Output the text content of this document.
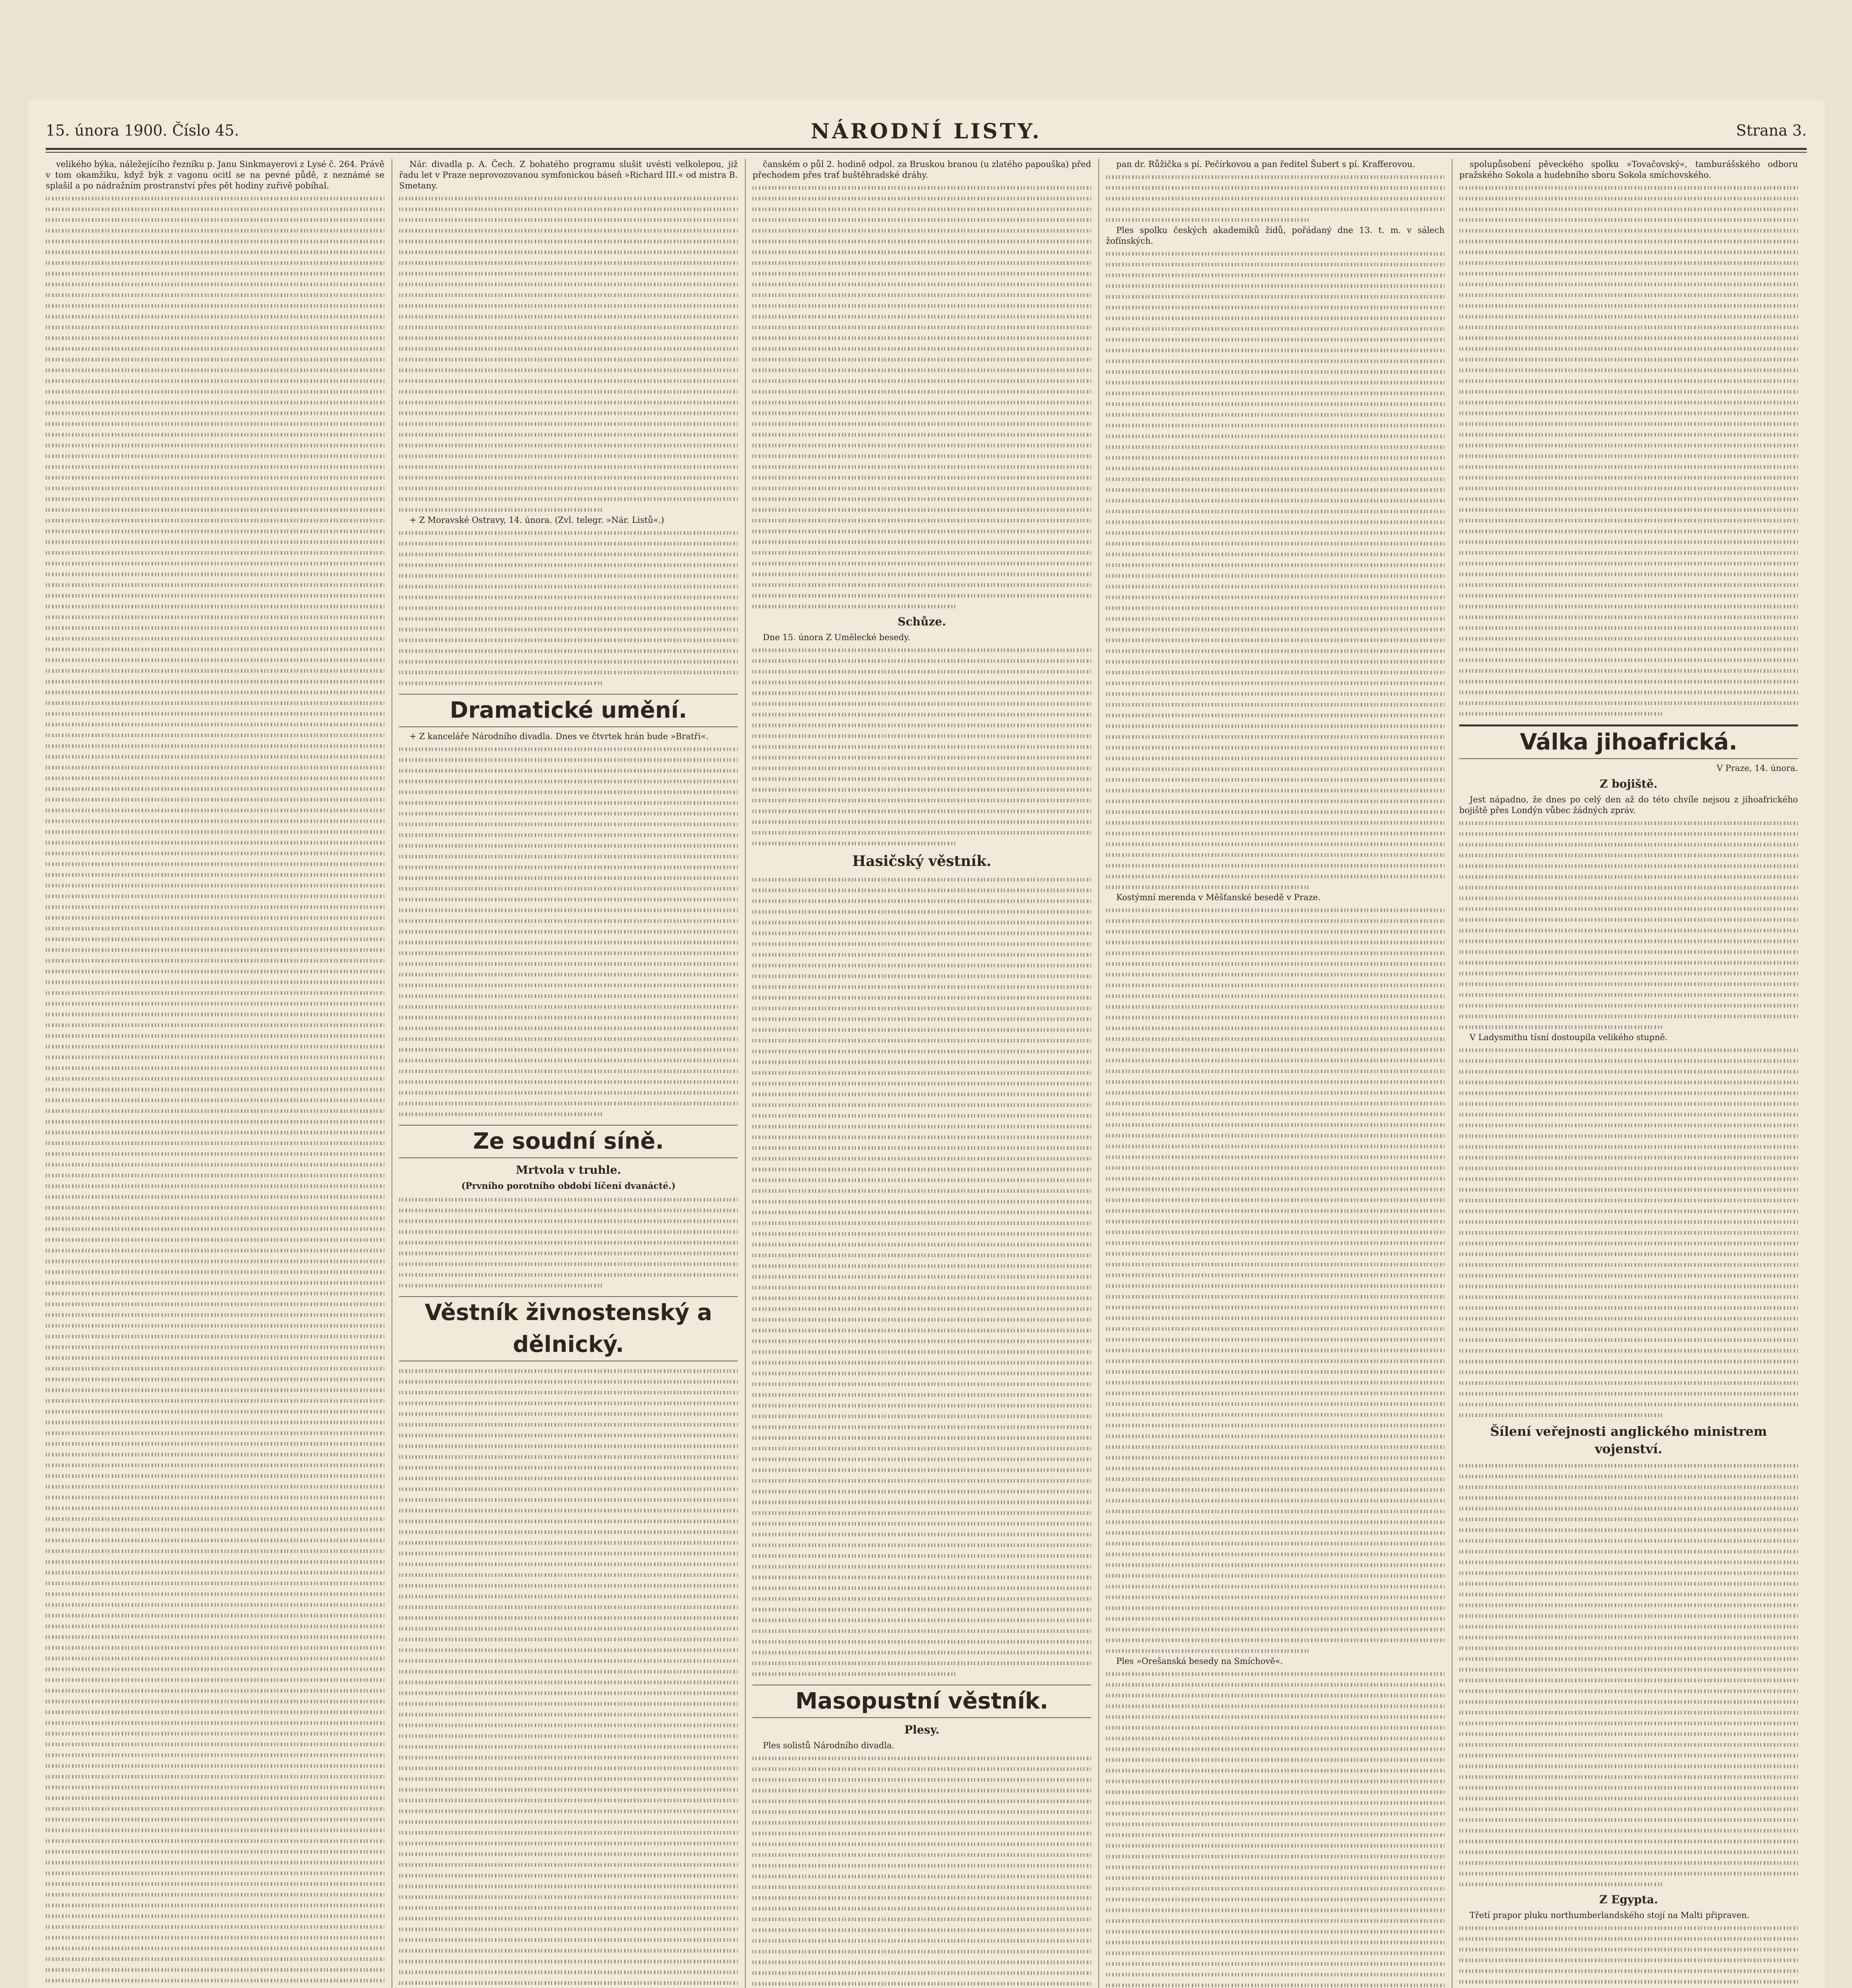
15. února 1900. Číslo 45.	NÁRODNÍ LISTY.	Strana 3.

velikého býka, náležejícího řezníku p. Janu Sinkmayerovi z Lysé č. 264. Právě v tom okamžiku, když býk z vagonu ocitl se na pevné půdě, z neznámé se splašil a po nádražním prostranství přes pět hodiny zuřivě pobíhal.

Nár. divadla p. A. Čech. Z bohatého programu slušit uvésti velkolepou, již řadu let v Praze neprovozovanou symfonickou báseň »Richard III.« od mistra B. Smetany.

+ Z Moravské Ostravy, 14. února. (Zvl. telegr. »Nár. Listů«.)

Dramatické umění.

+ Z kanceláře Národního divadla. Dnes ve čtvrtek hrán bude »Bratři«.

Ze soudní síně.
Mrtvola v truhle.
(Prvního porotního období líčení dvanácté.)
Věstník živnostenský a dělnický.

čanském o půl 2. hodině odpol. za Bruskou branou (u zlatého papouška) před přechodem přes trať buštěhradské dráhy.

Schůze.

Dne 15. února Z Umělecké besedy.

Hasičský věstník.
Masopustní věstník.
Plesy.

Ples solistů Národního divadla.

pan dr. Růžička s pí. Pečírkovou a pan ředitel Šubert s pí. Krafferovou.

Ples spolku českých akademiků židů, pořádaný dne 13. t. m. v sálech žofínských.

Kostýmní merenda v Měšťanské besedě v Praze.

Ples »Orešanská besedy na Smíchově«.

spolupůsobení pěveckého spolku »Tovačovský«, tamburášského odboru pražského Sokola a hudebního sboru Sokola smíchovského.

Válka jihoafrická.

V Praze, 14. února.

Z bojiště.

Jest nápadno, že dnes po celý den až do této chvíle nejsou z jihoafrického bojiště přes Londýn vůbec žádných zpráv.

V Ladysmithu tísní dostoupila velikého stupně.

Šílení veřejnosti anglického ministrem vojenství.
Z Egypta.

Třetí prapor pluku northumberlandského stojí na Malti připraven.
